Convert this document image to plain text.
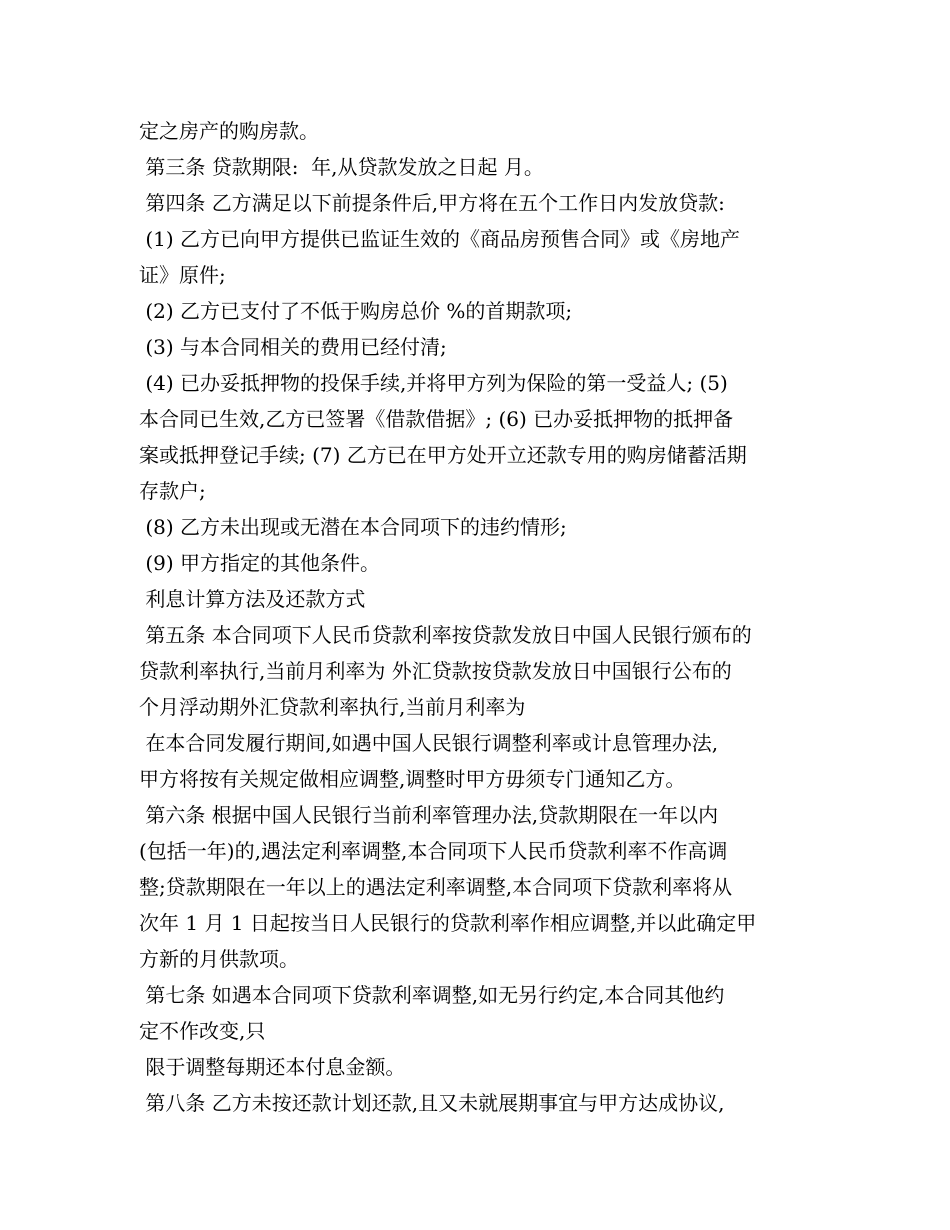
定之房产的购房款。
第三条 贷款期限:  年,从贷款发放之日起 月。
第四条 乙方满足以下前提条件后,甲方将在五个工作日内发放贷款:
(1) 乙方已向甲方提供已监证生效的《商品房预售合同》或《房地产
证》原件;
(2) 乙方已支付了不低于购房总价 %的首期款项;
(3) 与本合同相关的费用已经付清;
(4) 已办妥抵押物的投保手续,并将甲方列为保险的第一受益人; (5)
本合同已生效,乙方已签署《借款借据》; (6) 已办妥抵押物的抵押备
案或抵押登记手续; (7) 乙方已在甲方处开立还款专用的购房储蓄活期
存款户;
(8) 乙方未出现或无潜在本合同项下的违约情形;
(9) 甲方指定的其他条件。
利息计算方法及还款方式
第五条 本合同项下人民币贷款利率按贷款发放日中国人民银行颁布的
贷款利率执行,当前月利率为 外汇贷款按贷款发放日中国银行公布的
个月浮动期外汇贷款利率执行,当前月利率为
在本合同发履行期间,如遇中国人民银行调整利率或计息管理办法,
甲方将按有关规定做相应调整,调整时甲方毋须专门通知乙方。
第六条 根据中国人民银行当前利率管理办法,贷款期限在一年以内
(包括一年)的,遇法定利率调整,本合同项下人民币贷款利率不作高调
整;贷款期限在一年以上的遇法定利率调整,本合同项下贷款利率将从
次年 1 月 1 日起按当日人民银行的贷款利率作相应调整,并以此确定甲
方新的月供款项。
第七条 如遇本合同项下贷款利率调整,如无另行约定,本合同其他约
定不作改变,只
限于调整每期还本付息金额。
第八条 乙方未按还款计划还款,且又未就展期事宜与甲方达成协议,
